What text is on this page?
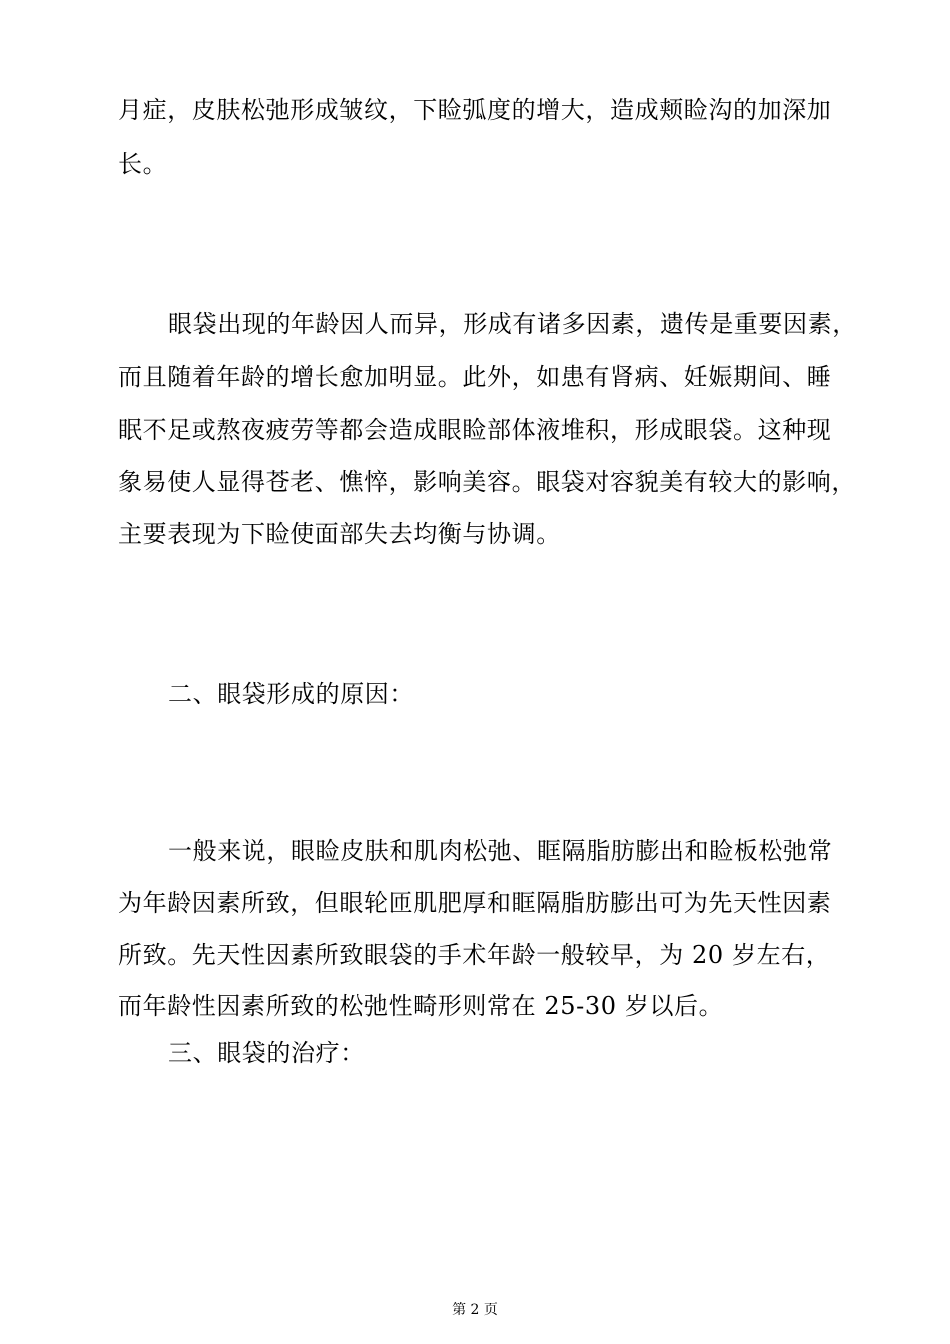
月症，皮肤松弛形成皱纹，下睑弧度的增大，造成颊睑沟的加深加
长。
眼袋出现的年龄因人而异，形成有诸多因素，遗传是重要因素，
而且随着年龄的增长愈加明显。此外，如患有肾病、妊娠期间、睡
眠不足或熬夜疲劳等都会造成眼睑部体液堆积，形成眼袋。这种现
象易使人显得苍老、憔悴，影响美容。眼袋对容貌美有较大的影响，
主要表现为下睑使面部失去均衡与协调。
二、眼袋形成的原因：
一般来说，眼睑皮肤和肌肉松弛、眶隔脂肪膨出和睑板松弛常
为年龄因素所致，但眼轮匝肌肥厚和眶隔脂肪膨出可为先天性因素
所致。先天性因素所致眼袋的手术年龄一般较早，为 20 岁左右，
而年龄性因素所致的松弛性畸形则常在 25-30 岁以后。
三、眼袋的治疗：
第 2 页
